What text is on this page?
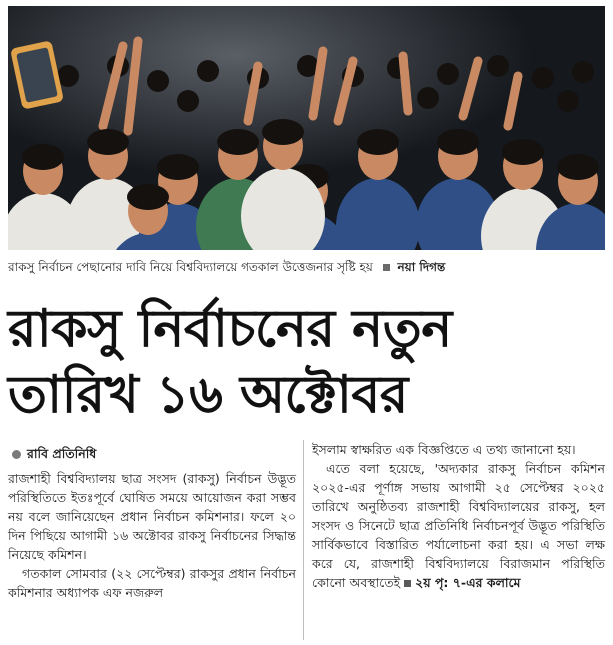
রাকসু নির্বাচন পেছানোর দাবি নিয়ে বিশ্ববিদ্যালয়ে গতকাল উত্তেজনার সৃষ্টি হয় নয়া দিগন্ত
রাকসু নির্বাচনের নতুন
তারিখ ১৬ অক্টোবর
রাবি প্রতিনিধি

রাজশাহী বিশ্ববিদ্যালয় ছাত্র সংসদ (রাকসু) নির্বাচন উদ্ভূত পরিস্থিতিতে ইতঃপূর্বে ঘোষিত সময়ে আয়োজন করা সম্ভব নয় বলে জানিয়েছেন প্রধান নির্বাচন কমিশনার। ফলে ২০ দিন পিছিয়ে আগামী ১৬ অক্টোবর রাকসু নির্বাচনের সিদ্ধান্ত নিয়েছে কমিশন।

গতকাল সোমবার (২২ সেপ্টেম্বর) রাকসুর প্রধান নির্বাচন কমিশনার অধ্যাপক এফ নজরুল

ইসলাম স্বাক্ষরিত এক বিজ্ঞপ্তিতে এ তথ্য জানানো হয়।

এতে বলা হয়েছে, 'অদ্যকার রাকসু নির্বাচন কমিশন ২০২৫-এর পূর্ণাঙ্গ সভায় আগামী ২৫ সেপ্টেম্বর ২০২৫ তারিখে অনুষ্ঠিতব্য রাজশাহী বিশ্ববিদ্যালয়ের রাকসু, হল সংসদ ও সিনেটে ছাত্র প্রতিনিধি নির্বাচনপূর্ব উদ্ভূত পরিস্থিতি সার্বিকভাবে বিস্তারিত পর্যালোচনা করা হয়। এ সভা লক্ষ করে যে, রাজশাহী বিশ্ববিদ্যালয়ে বিরাজমান পরিস্থিতি কোনো অবস্থাতেই ২য় পৃ: ৭-এর কলামে
